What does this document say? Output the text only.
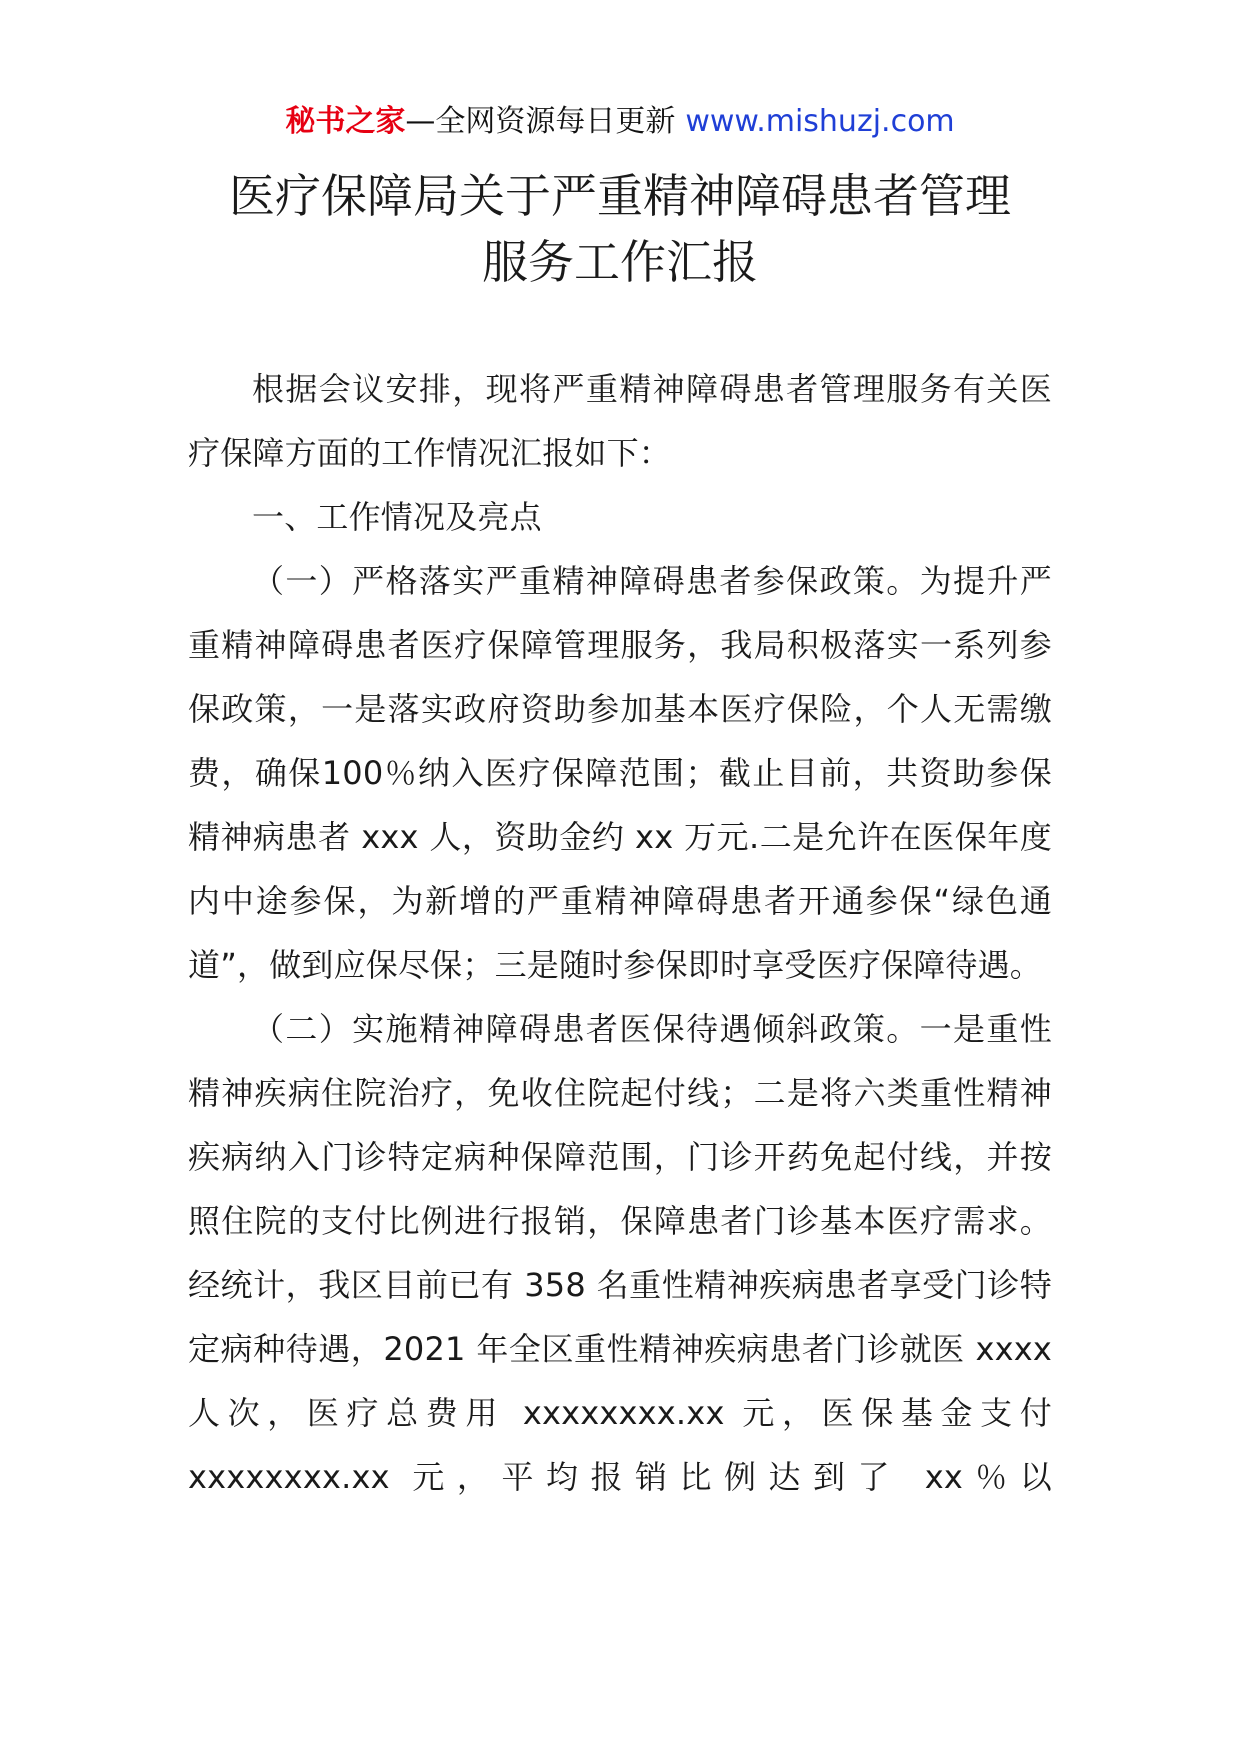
秘书之家—全网资源每日更新 www.mishuzj.com
医疗保障局关于严重精神障碍患者管理
服务工作汇报

根据会议安排，现将严重精神障碍患者管理服务有关医疗保障方面的工作情况汇报如下：

一、工作情况及亮点

（一）严格落实严重精神障碍患者参保政策。为提升严重精神障碍患者医疗保障管理服务，我局积极落实一系列参保政策，一是落实政府资助参加基本医疗保险，个人无需缴费，确保100％纳入医疗保障范围；截止目前，共资助参保精神病患者 xxx 人，资助金约 xx 万元.二是允许在医保年度内中途参保，为新增的严重精神障碍患者开通参保“绿色通道”，做到应保尽保；三是随时参保即时享受医疗保障待遇。

（二）实施精神障碍患者医保待遇倾斜政策。一是重性精神疾病住院治疗，免收住院起付线；二是将六类重性精神疾病纳入门诊特定病种保障范围，门诊开药免起付线，并按照住院的支付比例进行报销，保障患者门诊基本医疗需求。经统计，我区目前已有 358 名重性精神疾病患者享受门诊特定病种待遇，2021 年全区重性精神疾病患者门诊就医 xxxx 人次，医疗总费用 xxxxxxxx.xx 元，医保基金支付 xxxxxxxx.xx 元，平均报销比例达到了 xx％以
